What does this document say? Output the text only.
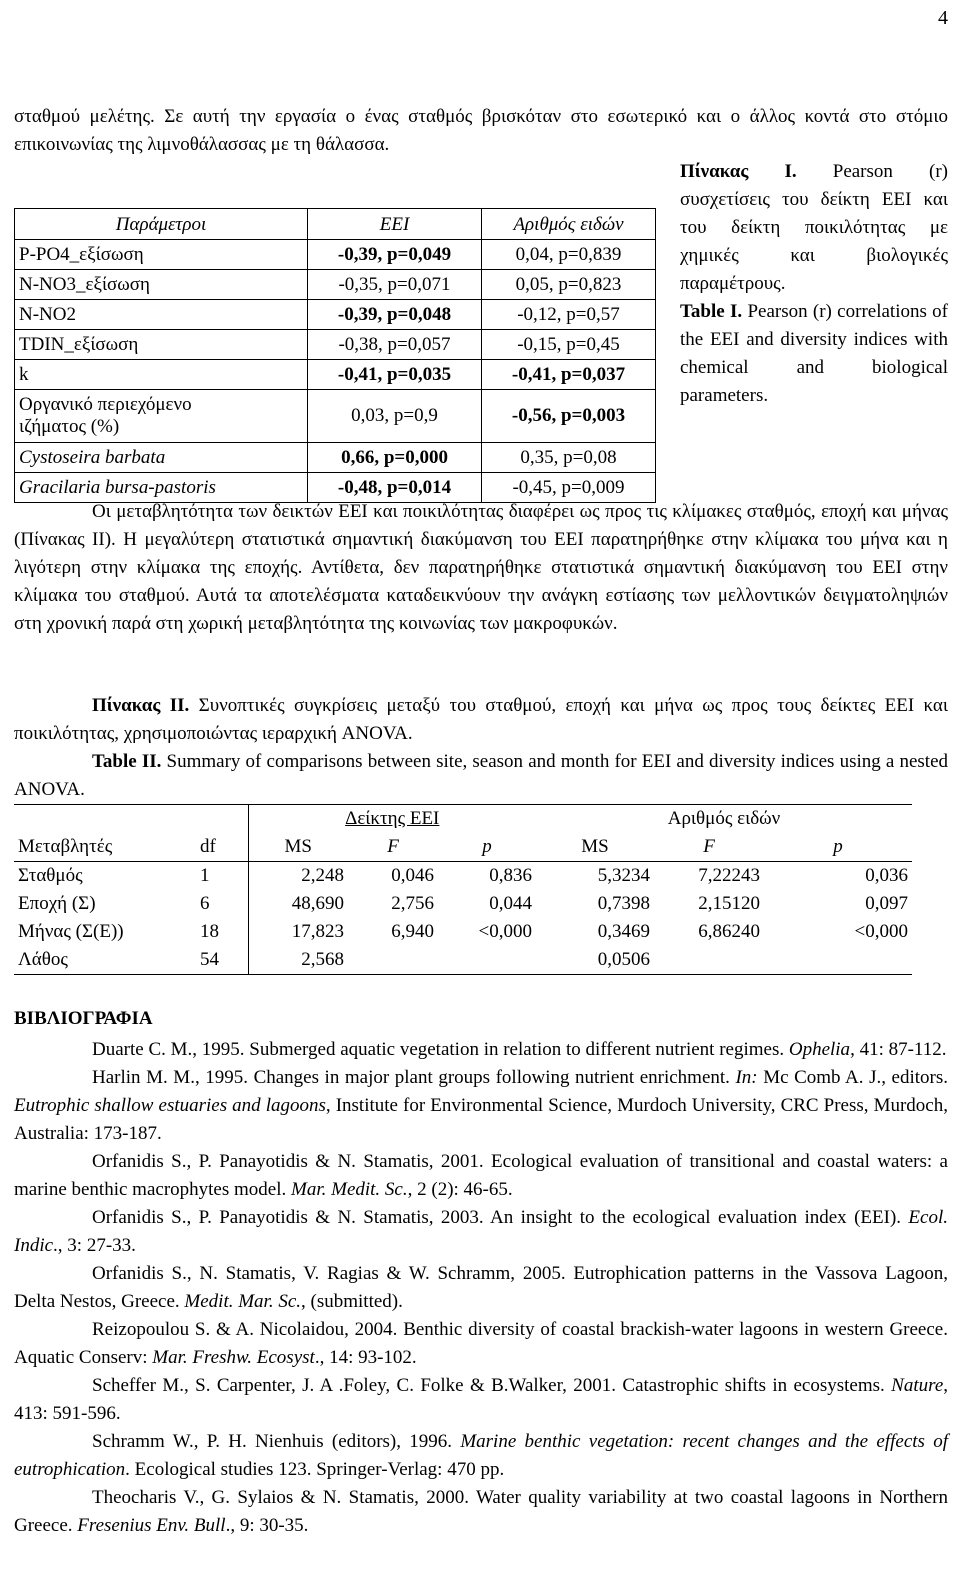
4

σταθμού μελέτης. Σε αυτή την εργασία ο ένας σταθμός βρισκόταν στο εσωτερικό και ο άλλος κοντά στο στόμιο επικοινωνίας της λιμνοθάλασσας με τη θάλασσα.

Παράμετροι	ΕΕΙ	Αριθμός ειδών
P-PO4_εξίσωση	-0,39, p=0,049	0,04, p=0,839
N-NO3_εξίσωση	-0,35, p=0,071	0,05, p=0,823
N-NO2	-0,39, p=0,048	-0,12, p=0,57
TDIN_εξίσωση	-0,38, p=0,057	-0,15, p=0,45
k	-0,41, p=0,035	-0,41, p=0,037

Οργανικό περιεχόμενο
ιζήματος (%)	0,03, p=0,9	-0,56, p=0,003
Cystoseira barbata	0,66, p=0,000	0,35, p=0,08
Gracilaria bursa-pastoris	-0,48, p=0,014	-0,45, p=0,009
Πίνακας Ι. Pearson (r) συσχετίσεις του δείκτη ΕΕΙ και του δείκτη ποικιλότητας με χημικές και βιολογικές παραμέτρους.
Table I. Pearson (r) correlations of the EEI and diversity indices with chemical and biological parameters.

Οι μεταβλητότητα των δεικτών ΕΕΙ και ποικιλότητας διαφέρει ως προς τις κλίμακες σταθμός, εποχή και μήνας (Πίνακας ΙΙ). Η μεγαλύτερη στατιστικά σημαντική διακύμανση του ΕΕΙ παρατηρήθηκε στην κλίμακα του μήνα και η λιγότερη στην κλίμακα της εποχής. Αντίθετα, δεν παρατηρήθηκε στατιστικά σημαντική διακύμανση του ΕΕΙ στην κλίμακα του σταθμού. Αυτά τα αποτελέσματα καταδεικνύουν την ανάγκη εστίασης των μελλοντικών δειγματοληψιών στη χρονική παρά στη χωρική μεταβλητότητα της κοινωνίας των μακροφυκών.

Πίνακας ΙΙ. Συνοπτικές συγκρίσεις μεταξύ του σταθμού, εποχή και μήνα ως προς τους δείκτες ΕΕΙ και ποικιλότητας, χρησιμοποιώντας ιεραρχική ANOVA.

Table II. Summary of comparisons between site, season and month for EEI and diversity indices using a nested ANOVA.

		Δείκτης ΕΕΙ			Αριθμός ειδών		
Μεταβλητές	df	MS	F	p	MS	F	p
Σταθμός	1	2,248	0,046	0,836	5,3234	7,22243	0,036
Εποχή (Σ)	6	48,690	2,756	0,044	0,7398	2,15120	0,097
Μήνας (Σ(Ε))	18	17,823	6,940	<0,000	0,3469	6,86240	<0,000
Λάθος	54	2,568			0,0506		
ΒΙΒΛΙΟΓΡΑΦΙΑ

Duarte C. M., 1995. Submerged aquatic vegetation in relation to different nutrient regimes. Ophelia, 41: 87-112.

Harlin M. M., 1995. Changes in major plant groups following nutrient enrichment. In: Mc Comb A. J., editors. Eutrophic shallow estuaries and lagoons, Institute for Environmental Science, Murdoch University, CRC Press, Murdoch, Australia: 173-187.

Orfanidis S., P. Panayotidis & N. Stamatis, 2001. Ecological evaluation of transitional and coastal waters: a marine benthic macrophytes model. Mar. Medit. Sc., 2 (2): 46-65.

Orfanidis S., P. Panayotidis & N. Stamatis, 2003. An insight to the ecological evaluation index (EEI). Ecol. Indic., 3: 27-33.

Orfanidis S., N. Stamatis, V. Ragias & W. Schramm, 2005. Eutrophication patterns in the Vassova Lagoon, Delta Nestos, Greece. Medit. Mar. Sc., (submitted).

Reizopoulou S. & A. Nicolaidou, 2004. Benthic diversity of coastal brackish-water lagoons in western Greece. Aquatic Conserv: Mar. Freshw. Ecosyst., 14: 93-102.

Scheffer M., S. Carpenter, J. A .Foley, C. Folke & B.Walker, 2001. Catastrophic shifts in ecosystems. Nature, 413: 591-596.

Schramm W., P. H. Nienhuis (editors), 1996. Marine benthic vegetation: recent changes and the effects of eutrophication. Ecological studies 123. Springer-Verlag: 470 pp.

Theocharis V., G. Sylaios & N. Stamatis, 2000. Water quality variability at two coastal lagoons in Northern Greece. Fresenius Env. Bull., 9: 30-35.
